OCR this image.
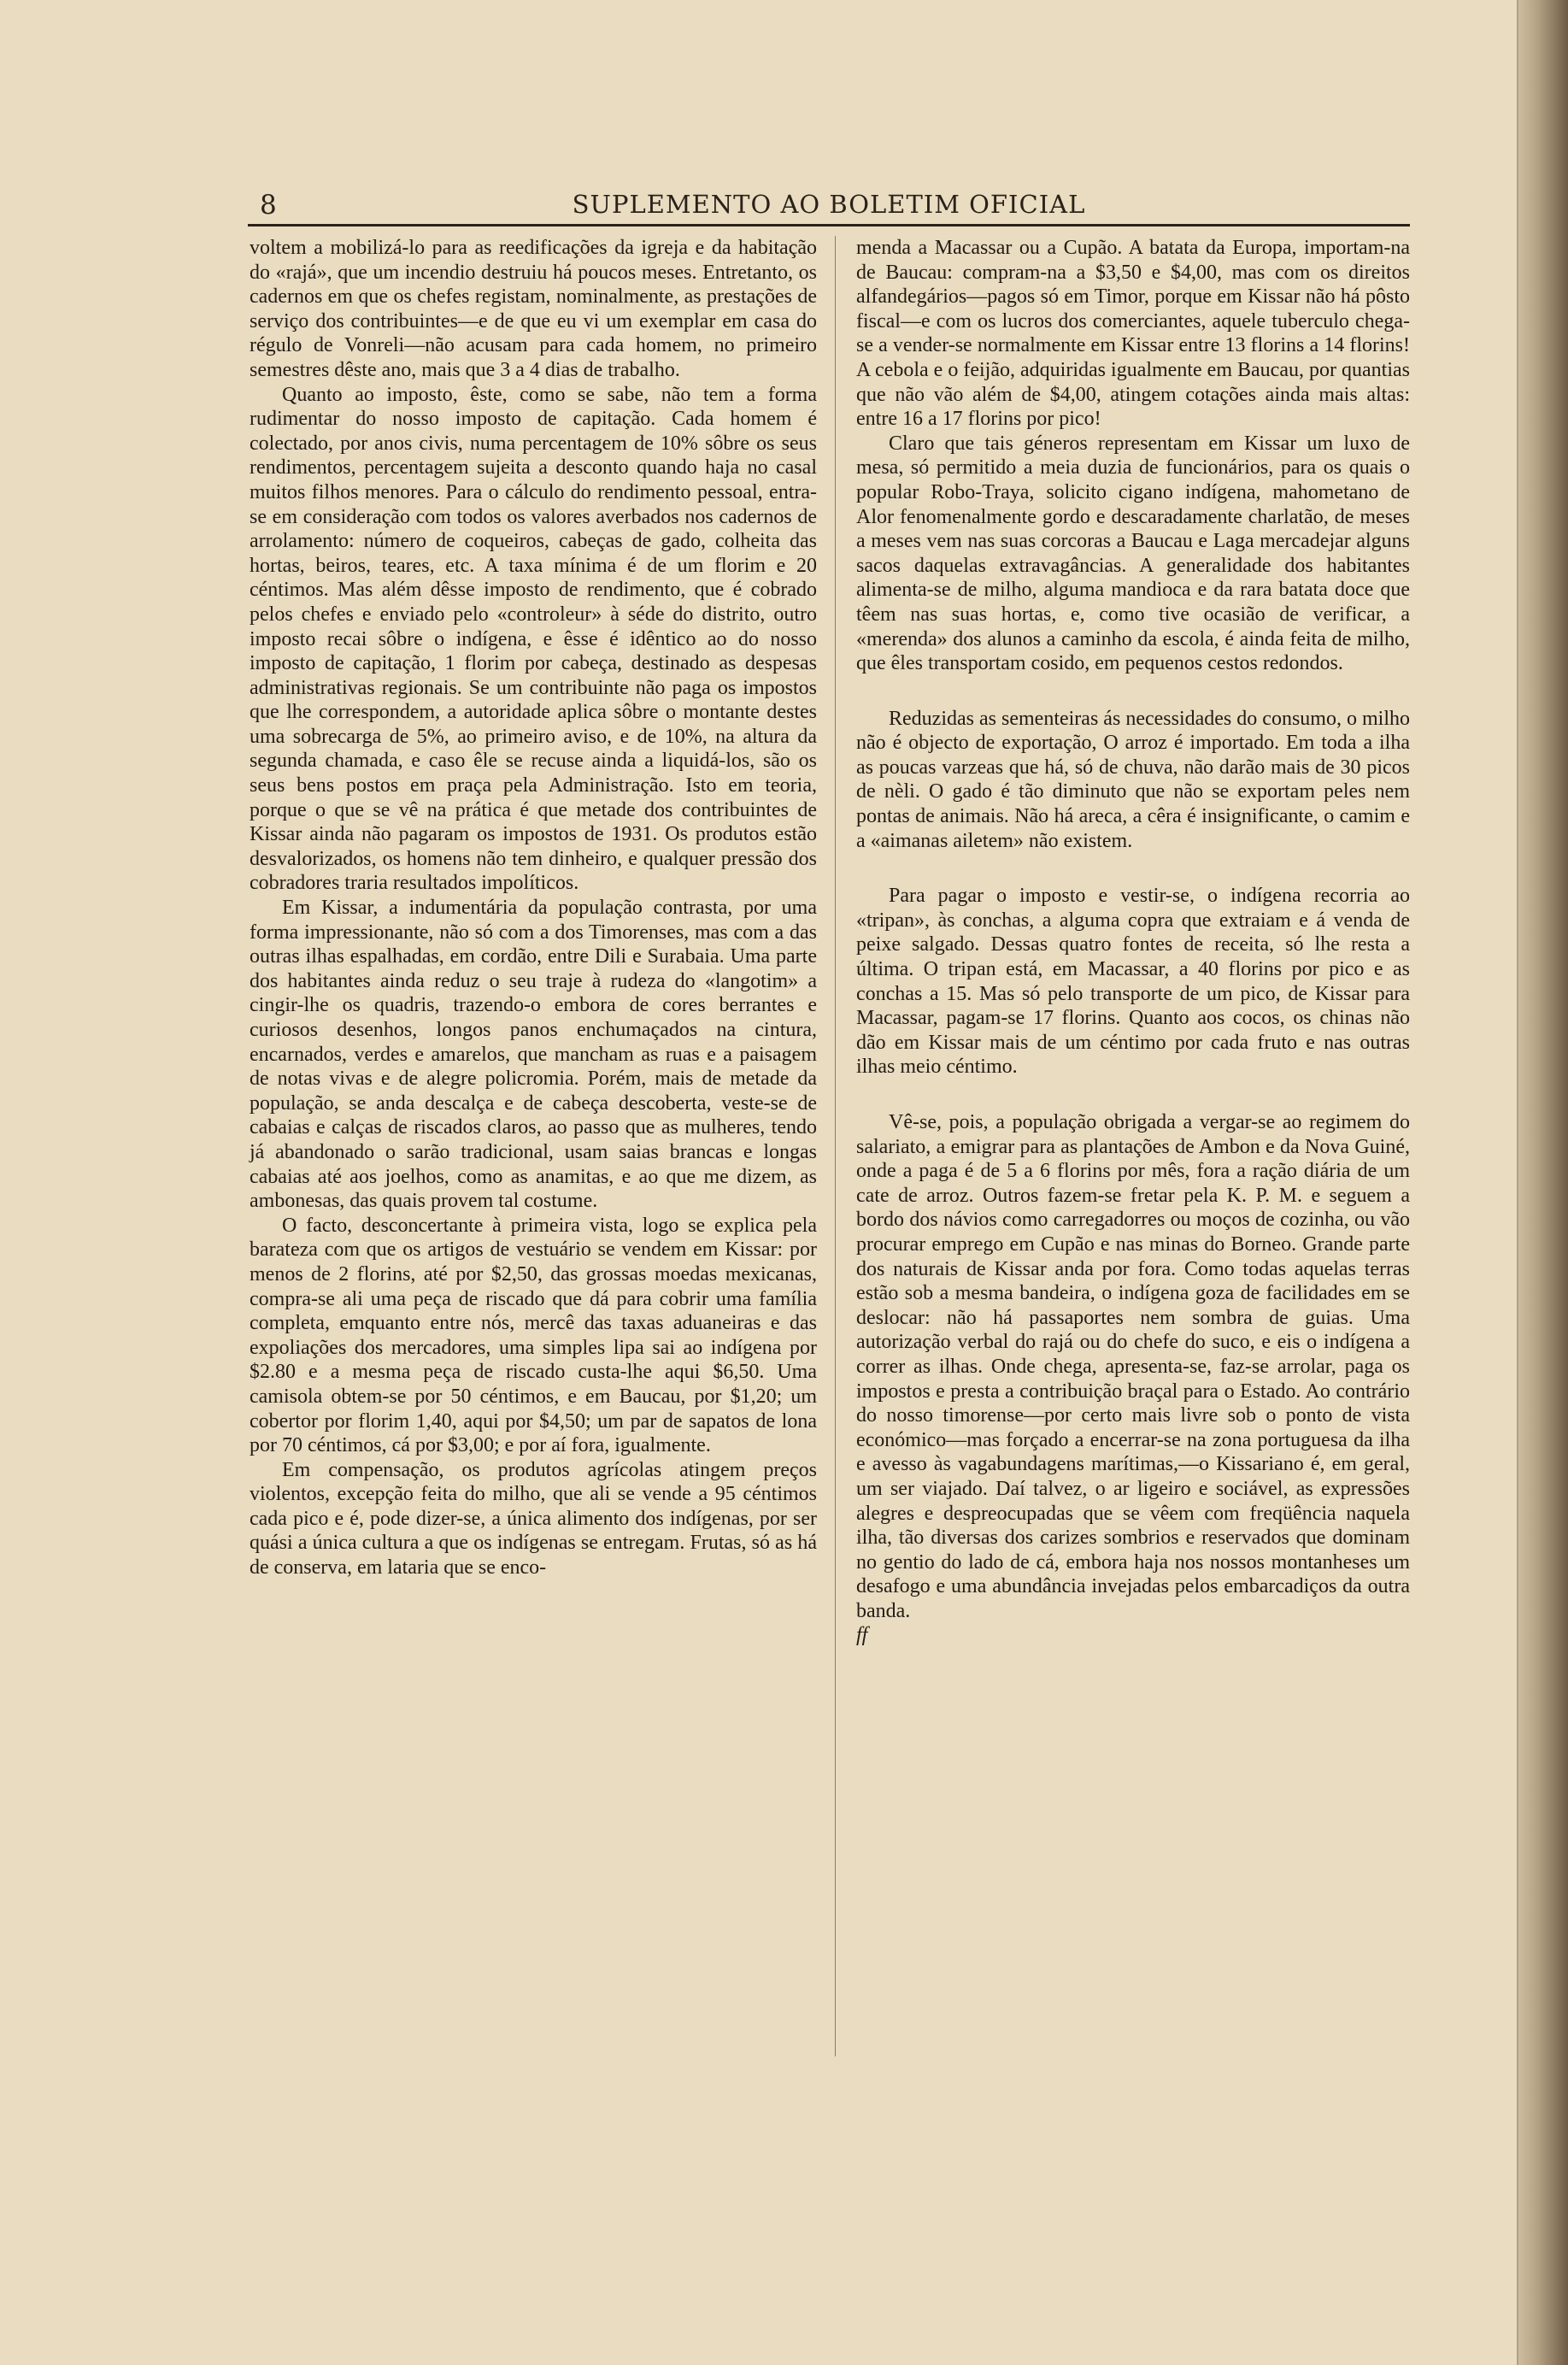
8	SUPLEMENTO AO BOLETIM OFICIAL

voltem a mobilizá-lo para as reedificações da igreja e da habitação do «rajá», que um incendio destruiu há poucos meses. Entretanto, os cadernos em que os chefes registam, nominalmente, as prestações de serviço dos contribuintes—e de que eu vi um exemplar em casa do régulo de Vonreli—não acusam para cada homem, no primeiro semestres dêste ano, mais que 3 a 4 dias de trabalho.

Quanto ao imposto, êste, como se sabe, não tem a forma rudimentar do nosso imposto de capitação. Cada homem é colectado, por anos civis, numa percentagem de 10% sôbre os seus rendimentos, percentagem sujeita a desconto quando haja no casal muitos filhos menores. Para o cálculo do rendimento pessoal, entra-se em consideração com todos os valores averbados nos cadernos de arrolamento: número de coqueiros, cabeças de gado, colheita das hortas, beiros, teares, etc. A taxa mínima é de um florim e 20 céntimos. Mas além dêsse imposto de rendimento, que é cobrado pelos chefes e enviado pelo «controleur» à séde do distrito, outro imposto recai sôbre o indígena, e êsse é idêntico ao do nosso imposto de capitação, 1 florim por cabeça, destinado as despesas administrativas regionais. Se um contribuinte não paga os impostos que lhe correspondem, a autoridade aplica sôbre o montante destes uma sobrecarga de 5%, ao primeiro aviso, e de 10%, na altura da segunda chamada, e caso êle se recuse ainda a liquidá-los, são os seus bens postos em praça pela Administração. Isto em teoria, porque o que se vê na prática é que metade dos contribuintes de Kissar ainda não pagaram os impostos de 1931. Os produtos estão desvalorizados, os homens não tem dinheiro, e qualquer pressão dos cobradores traria resultados impolíticos.

Em Kissar, a indumentária da população contrasta, por uma forma impressionante, não só com a dos Timorenses, mas com a das outras ilhas espalhadas, em cordão, entre Dili e Surabaia. Uma parte dos habitantes ainda reduz o seu traje à rudeza do «langotim» a cingir-lhe os quadris, trazendo-o embora de cores berrantes e curiosos desenhos, longos panos enchumaçados na cintura, encarnados, verdes e amarelos, que mancham as ruas e a paisagem de notas vivas e de alegre policromia. Porém, mais de metade da população, se anda descalça e de cabeça descoberta, veste-se de cabaias e calças de riscados claros, ao passo que as mulheres, tendo já abandonado o sarão tradicional, usam saias brancas e longas cabaias até aos joelhos, como as anamitas, e ao que me dizem, as ambonesas, das quais provem tal costume.

O facto, desconcertante à primeira vista, logo se explica pela barateza com que os artigos de vestuário se vendem em Kissar: por menos de 2 florins, até por $2,50, das grossas moedas mexicanas, compra-se ali uma peça de riscado que dá para cobrir uma família completa, emquanto entre nós, mercê das taxas aduaneiras e das expoliações dos mercadores, uma simples lipa sai ao indígena por $2.80 e a mesma peça de riscado custa-lhe aqui $6,50. Uma camisola obtem-se por 50 céntimos, e em Baucau, por $1,20; um cobertor por florim 1,40, aqui por $4,50; um par de sapatos de lona por 70 céntimos, cá por $3,00; e por aí fora, igualmente.

Em compensação, os produtos agrícolas atingem preços violentos, excepção feita do milho, que ali se vende a 95 céntimos cada pico e é, pode dizer-se, a única alimento dos indígenas, por ser quási a única cultura a que os indígenas se entregam. Frutas, só as há de conserva, em lataria que se enco-

menda a Macassar ou a Cupão. A batata da Europa, importam-na de Baucau: compram-na a $3,50 e $4,00, mas com os direitos alfandegários—pagos só em Timor, porque em Kissar não há pôsto fiscal—e com os lucros dos comerciantes, aquele tuberculo chega-se a vender-se normalmente em Kissar entre 13 florins a 14 florins! A cebola e o feijão, adquiridas igualmente em Baucau, por quantias que não vão além de $4,00, atingem cotações ainda mais altas: entre 16 a 17 florins por pico!

Claro que tais géneros representam em Kissar um luxo de mesa, só permitido a meia duzia de funcionários, para os quais o popular Robo-Traya, solicito cigano indígena, mahometano de Alor fenomenalmente gordo e descaradamente charlatão, de meses a meses vem nas suas corcoras a Baucau e Laga mercadejar alguns sacos daquelas extravagâncias. A generalidade dos habitantes alimenta-se de milho, alguma mandioca e da rara batata doce que têem nas suas hortas, e, como tive ocasião de verificar, a «merenda» dos alunos a caminho da escola, é ainda feita de milho, que êles transportam cosido, em pequenos cestos redondos.

Reduzidas as sementeiras ás necessidades do consumo, o milho não é objecto de exportação, O arroz é importado. Em toda a ilha as poucas varzeas que há, só de chuva, não darão mais de 30 picos de nèli. O gado é tão diminuto que não se exportam peles nem pontas de animais. Não há areca, a cêra é insignificante, o camim e a «aimanas ailetem» não existem.

Para pagar o imposto e vestir-se, o indígena recorria ao «tripan», às conchas, a alguma copra que extraiam e á venda de peixe salgado. Dessas quatro fontes de receita, só lhe resta a última. O tripan está, em Macassar, a 40 florins por pico e as conchas a 15. Mas só pelo transporte de um pico, de Kissar para Macassar, pagam-se 17 florins. Quanto aos cocos, os chinas não dão em Kissar mais de um céntimo por cada fruto e nas outras ilhas meio céntimo.

Vê-se, pois, a população obrigada a vergar-se ao regimem do salariato, a emigrar para as plantações de Ambon e da Nova Guiné, onde a paga é de 5 a 6 florins por mês, fora a ração diária de um cate de arroz. Outros fazem-se fretar pela K. P. M. e seguem a bordo dos návios como carregadorres ou moços de cozinha, ou vão procurar emprego em Cupão e nas minas do Borneo. Grande parte dos naturais de Kissar anda por fora. Como todas aquelas terras estão sob a mesma bandeira, o indígena goza de facilidades em se deslocar: não há passaportes nem sombra de guias. Uma autorização verbal do rajá ou do chefe do suco, e eis o indígena a correr as ilhas. Onde chega, apresenta-se, faz-se arrolar, paga os impostos e presta a contribuição braçal para o Estado. Ao contrário do nosso timorense—por certo mais livre sob o ponto de vista económico—mas forçado a encerrar-se na zona portuguesa da ilha e avesso às vagabundagens marítimas,—o Kissariano é, em geral, um ser viajado. Daí talvez, o ar ligeiro e sociável, as expressões alegres e despreocupadas que se vêem com freqüência naquela ilha, tão diversas dos carizes sombrios e reservados que dominam no gentio do lado de cá, embora haja nos nossos montanheses um desafogo e uma abundância invejadas pelos embarcadiços da outra banda.

ff
